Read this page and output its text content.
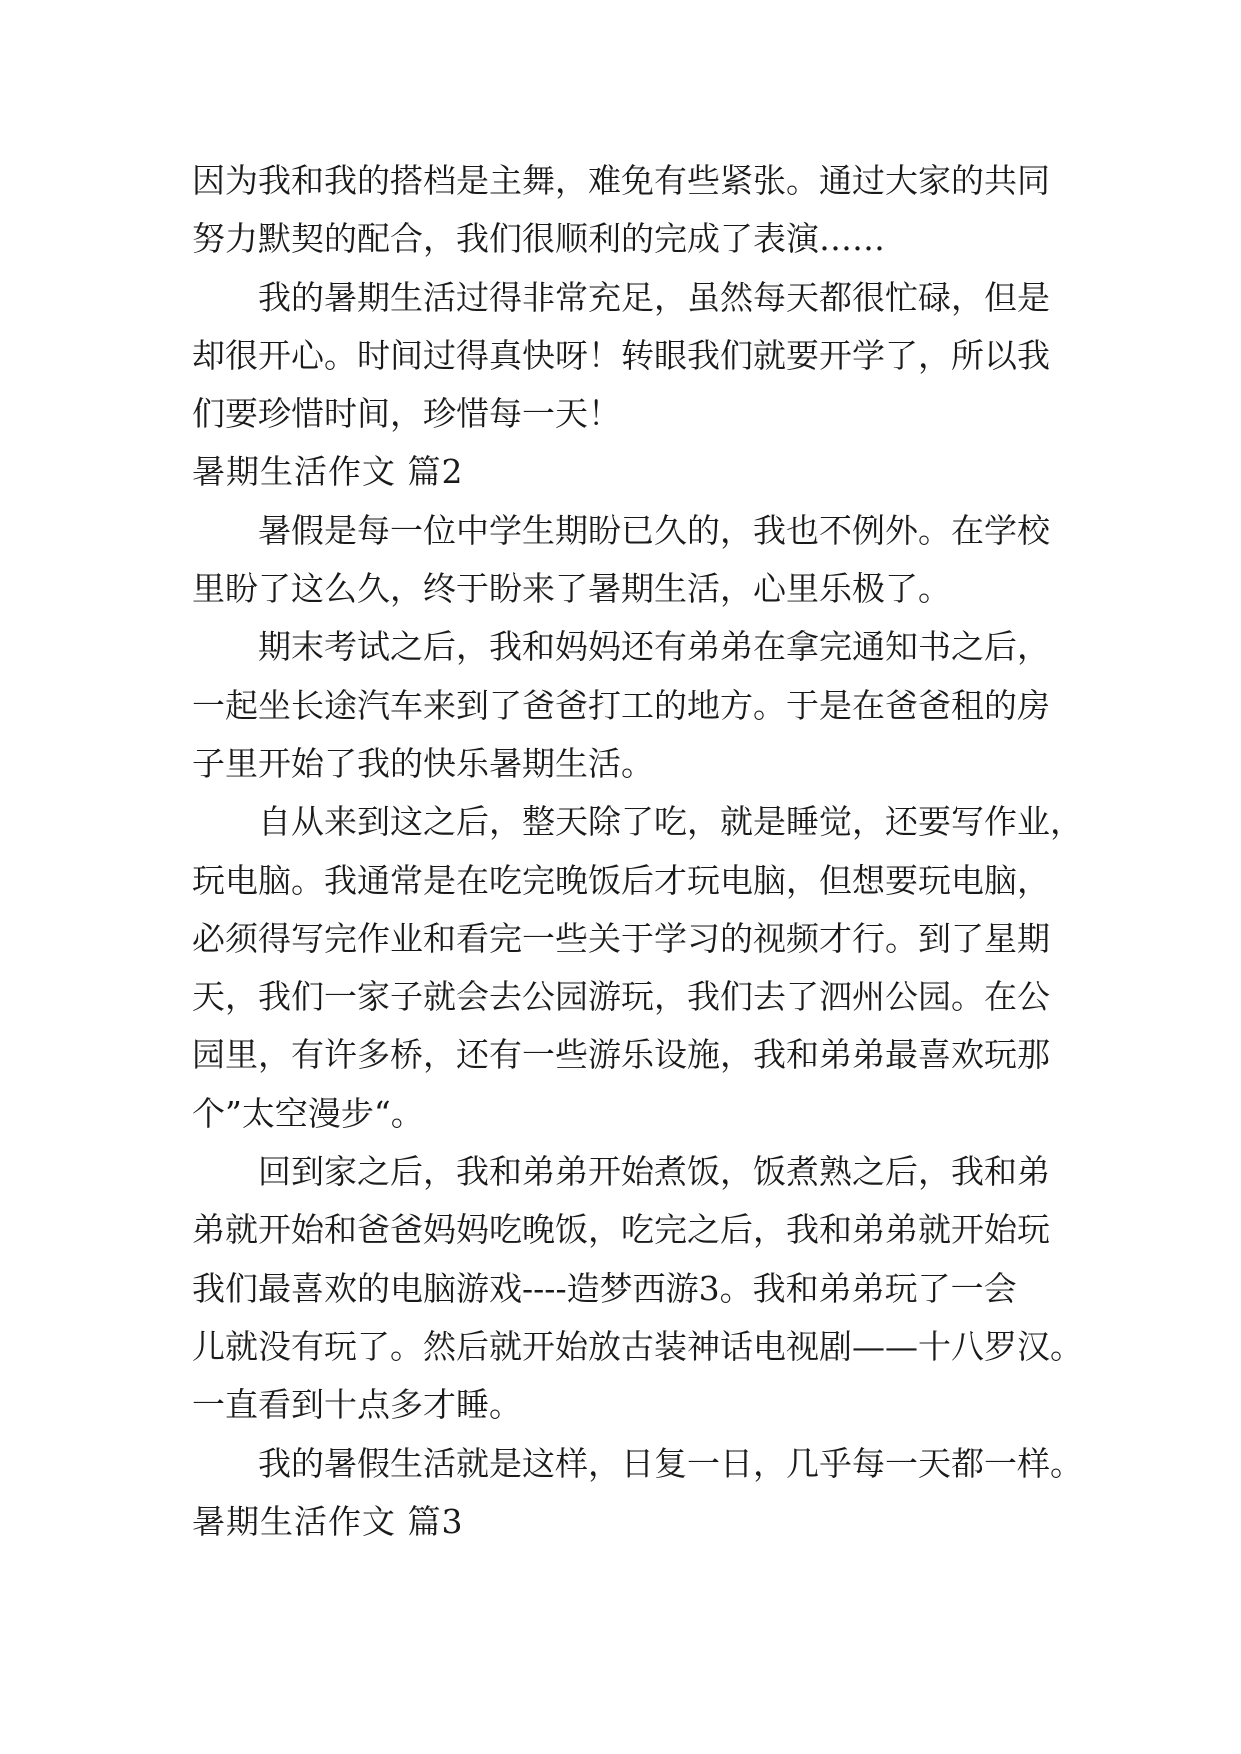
因为我和我的搭档是主舞，难免有些紧张。通过大家的共同
努力默契的配合，我们很顺利的完成了表演……
我的暑期生活过得非常充足，虽然每天都很忙碌，但是
却很开心。时间过得真快呀！转眼我们就要开学了，所以我
们要珍惜时间，珍惜每一天！
暑期生活作文 篇2
暑假是每一位中学生期盼已久的，我也不例外。在学校
里盼了这么久，终于盼来了暑期生活，心里乐极了。
期末考试之后，我和妈妈还有弟弟在拿完通知书之后，
一起坐长途汽车来到了爸爸打工的地方。于是在爸爸租的房
子里开始了我的快乐暑期生活。
自从来到这之后，整天除了吃，就是睡觉，还要写作业，
玩电脑。我通常是在吃完晚饭后才玩电脑，但想要玩电脑，
必须得写完作业和看完一些关于学习的视频才行。到了星期
天，我们一家子就会去公园游玩，我们去了泗州公园。在公
园里，有许多桥，还有一些游乐设施，我和弟弟最喜欢玩那
个”太空漫步“。
回到家之后，我和弟弟开始煮饭，饭煮熟之后，我和弟
弟就开始和爸爸妈妈吃晚饭，吃完之后，我和弟弟就开始玩
我们最喜欢的电脑游戏----造梦西游3。我和弟弟玩了一会
儿就没有玩了。然后就开始放古装神话电视剧——十八罗汉。
一直看到十点多才睡。
我的暑假生活就是这样，日复一日，几乎每一天都一样。
暑期生活作文 篇3
